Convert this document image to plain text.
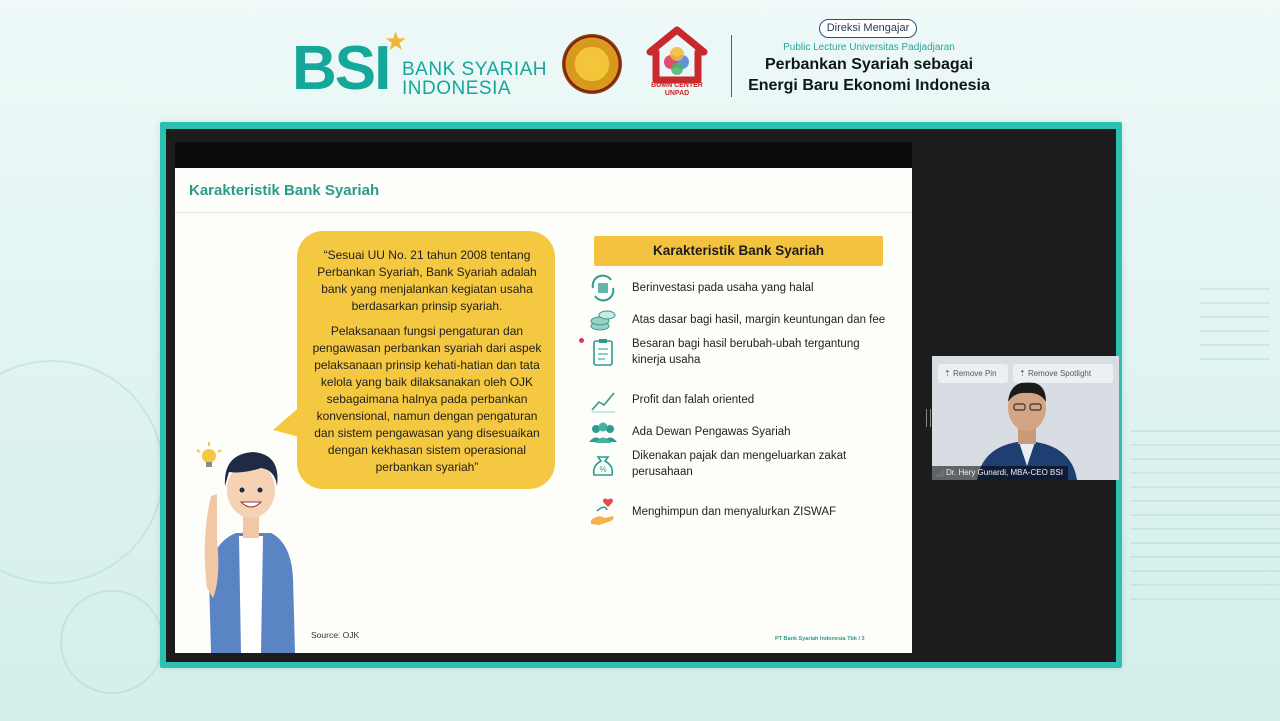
BSI
★
BANK SYARIAH
INDONESIA	BUMN CENTER
UNPAD
Direksi Mengajar
Public Lecture Universitas Padjadjaran
Perbankan Syariah sebagai
Energi Baru Ekonomi Indonesia
Karakteristik Bank Syariah

“Sesuai UU No. 21 tahun 2008 tentang Perbankan Syariah, Bank Syariah adalah bank yang menjalankan kegiatan usaha berdasarkan prinsip syariah.

Pelaksanaan fungsi pengaturan dan pengawasan perbankan syariah dari aspek pelaksanaan prinsip kehati-hatian dan tata kelola yang baik dilaksanakan oleh OJK sebagaimana halnya pada perbankan konvensional, namun dengan pengaturan dan sistem pengawasan yang disesuaikan dengan kekhasan sistem operasional perbankan syariah”

Source: OJK	PT Bank Syariah Indonesia Tbk / 3
Karakteristik Bank Syariah
Berinvestasi pada usaha yang halal
Atas dasar bagi hasil, margin keuntungan dan fee
Besaran bagi hasil berubah-ubah tergantung kinerja usaha
Profit dan falah oriented
Ada Dewan Pengawas Syariah
%
Dikenakan pajak dan mengeluarkan zakat perusahaan
Menghimpun dan menyalurkan ZISWAF
⇡ Remove Pin	⇡ Remove Spotlight
Dr. Hery Gunardi, MBA-CEO BSI
